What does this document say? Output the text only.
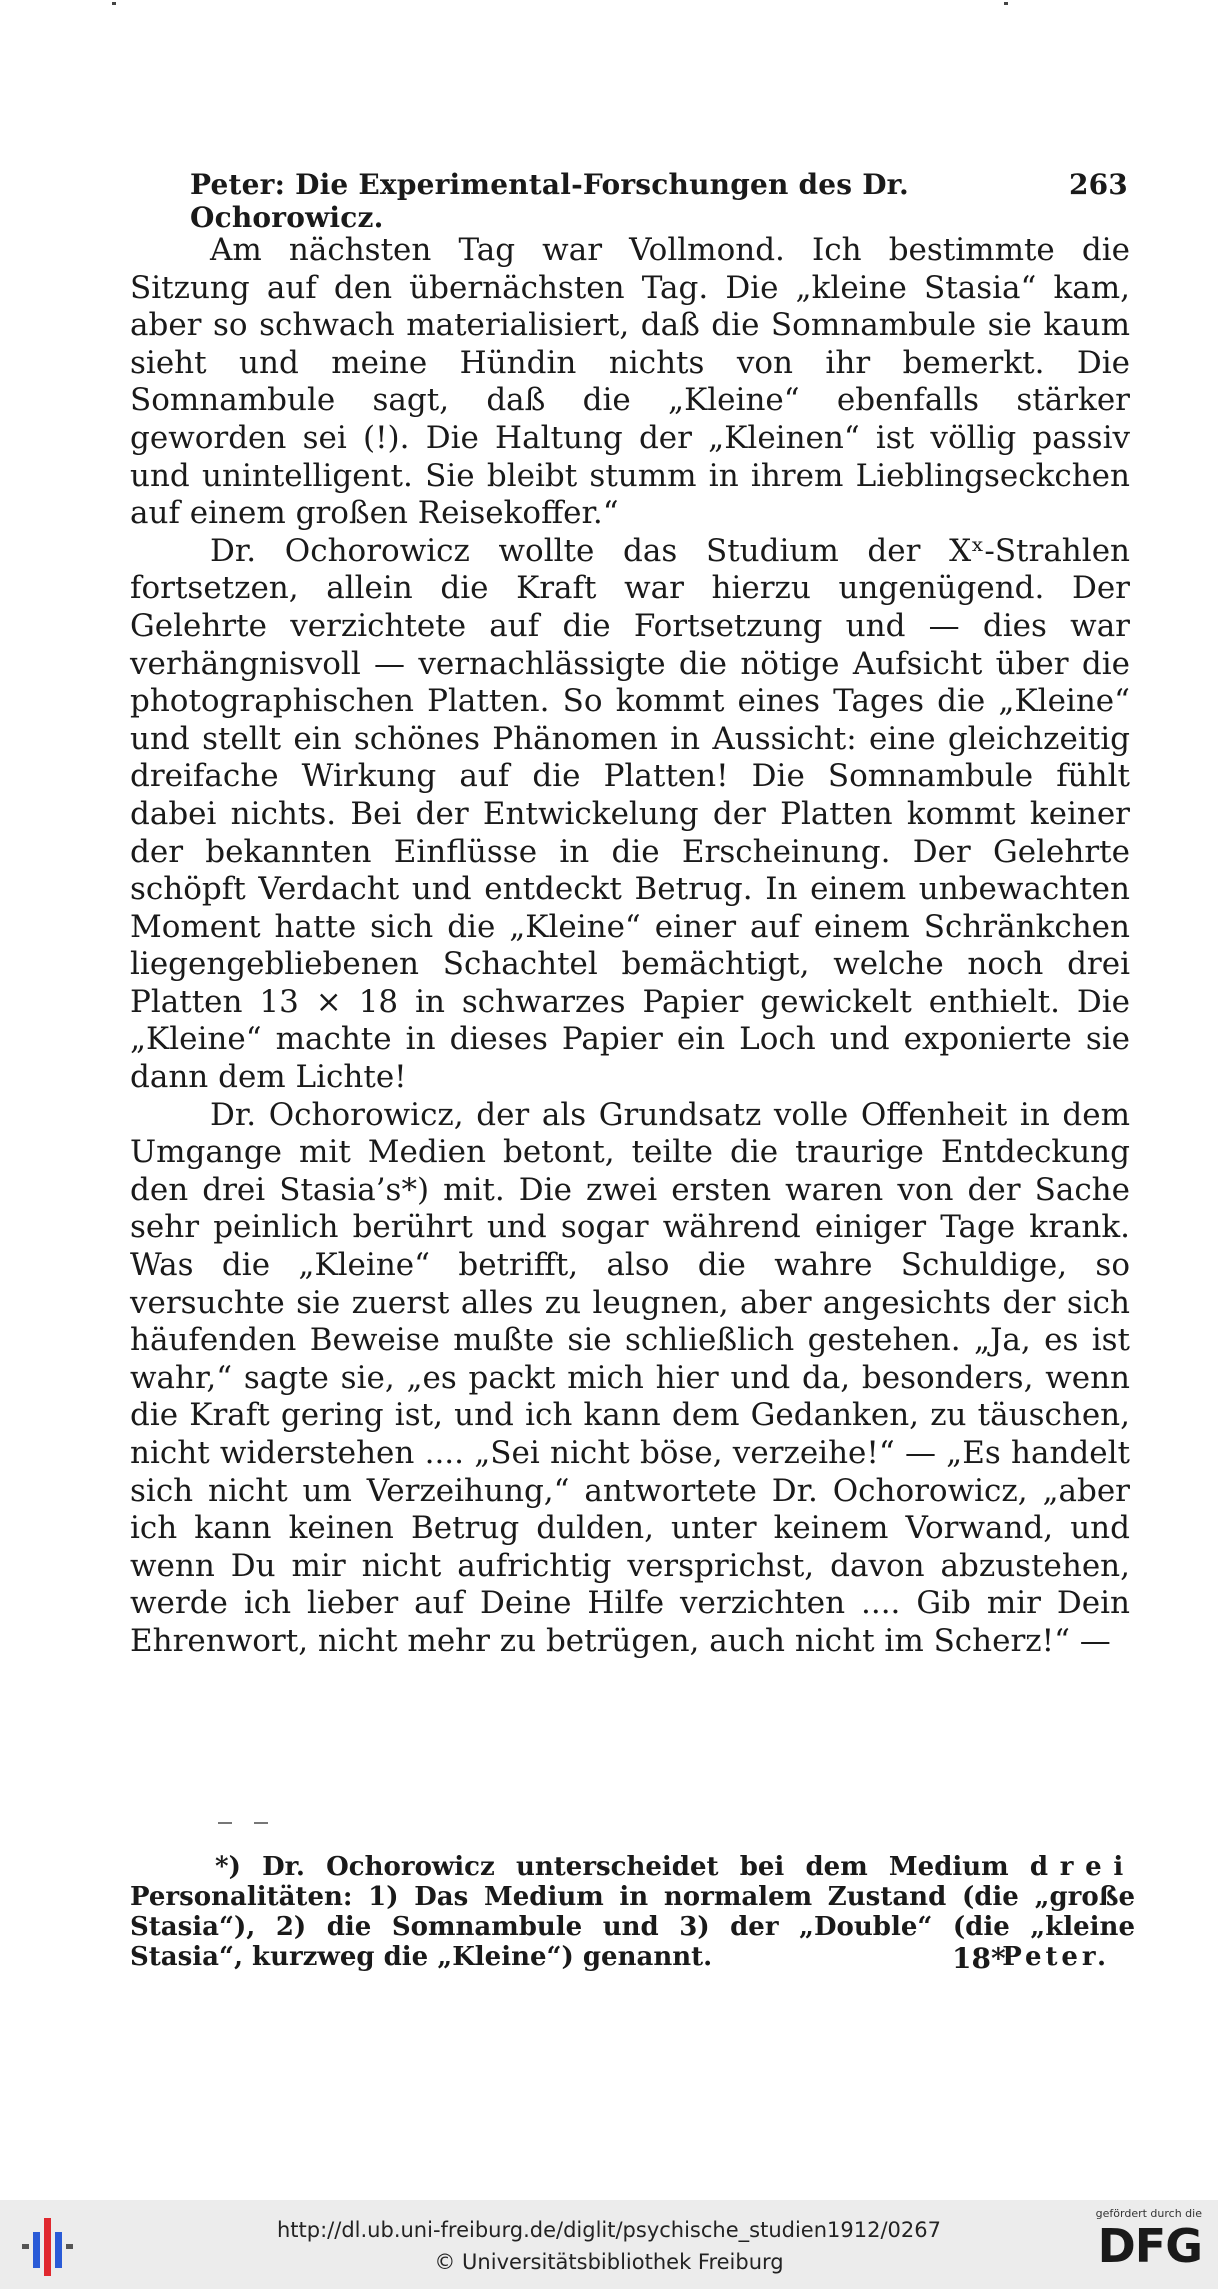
Peter: Die Experimental-Forschungen des Dr. Ochorowicz.
263

Am nächsten Tag war Vollmond. Ich bestimmte die Sitzung auf den übernächsten Tag. Die „kleine Stasia“ kam, aber so schwach materialisiert, daß die Somnambule sie kaum sieht und meine Hündin nichts von ihr bemerkt. Die Somnambule sagt, daß die „Kleine“ ebenfalls stärker geworden sei (!). Die Haltung der „Kleinen“ ist völlig passiv und unintelligent. Sie bleibt stumm in ihrem Lieblingseckchen auf einem großen Reisekoffer.“

Dr. Ochorowicz wollte das Studium der Xˣ-Strahlen fortsetzen, allein die Kraft war hierzu ungenügend. Der Gelehrte verzichtete auf die Fortsetzung und — dies war verhängnisvoll — vernachlässigte die nötige Aufsicht über die photographischen Platten. So kommt eines Tages die „Kleine“ und stellt ein schönes Phänomen in Aussicht: eine gleichzeitig dreifache Wirkung auf die Platten! Die Somnambule fühlt dabei nichts. Bei der Entwickelung der Platten kommt keiner der bekannten Einflüsse in die Erscheinung. Der Gelehrte schöpft Verdacht und entdeckt Betrug. In einem unbewachten Moment hatte sich die „Kleine“ einer auf einem Schränkchen liegengebliebenen Schachtel bemächtigt, welche noch drei Platten 13 × 18 in schwarzes Papier gewickelt enthielt. Die „Kleine“ machte in dieses Papier ein Loch und exponierte sie dann dem Lichte!

Dr. Ochorowicz, der als Grundsatz volle Offenheit in dem Umgange mit Medien betont, teilte die traurige Entdeckung den drei Stasia’s*) mit. Die zwei ersten waren von der Sache sehr peinlich berührt und sogar während einiger Tage krank. Was die „Kleine“ betrifft, also die wahre Schuldige, so versuchte sie zuerst alles zu leugnen, aber angesichts der sich häufenden Beweise mußte sie schließlich gestehen. „Ja, es ist wahr,“ sagte sie, „es packt mich hier und da, besonders, wenn die Kraft gering ist, und ich kann dem Gedanken, zu täuschen, nicht widerstehen .... „Sei nicht böse, verzeihe!“ — „Es handelt sich nicht um Verzeihung,“ antwortete Dr. Ochorowicz, „aber ich kann keinen Betrug dulden, unter keinem Vorwand, und wenn Du mir nicht aufrichtig versprichst, davon abzustehen, werde ich lieber auf Deine Hilfe verzichten .... Gib mir Dein Ehrenwort, nicht mehr zu betrügen, auch nicht im Scherz!“ —

*) Dr. Ochorowicz unterscheidet bei dem Medium drei Personalitäten: 1) Das Medium in normalem Zustand (die „große Stasia“), 2) die Somnambule und 3) der „Double“ (die „kleine Stasia“, kurzweg die „Kleine“) genannt.	Peter.

18*
http://dl.ub.uni-freiburg.de/diglit/psychische_studien1912/0267
© Universitätsbibliothek Freiburg
gefördert durch die
DFG
